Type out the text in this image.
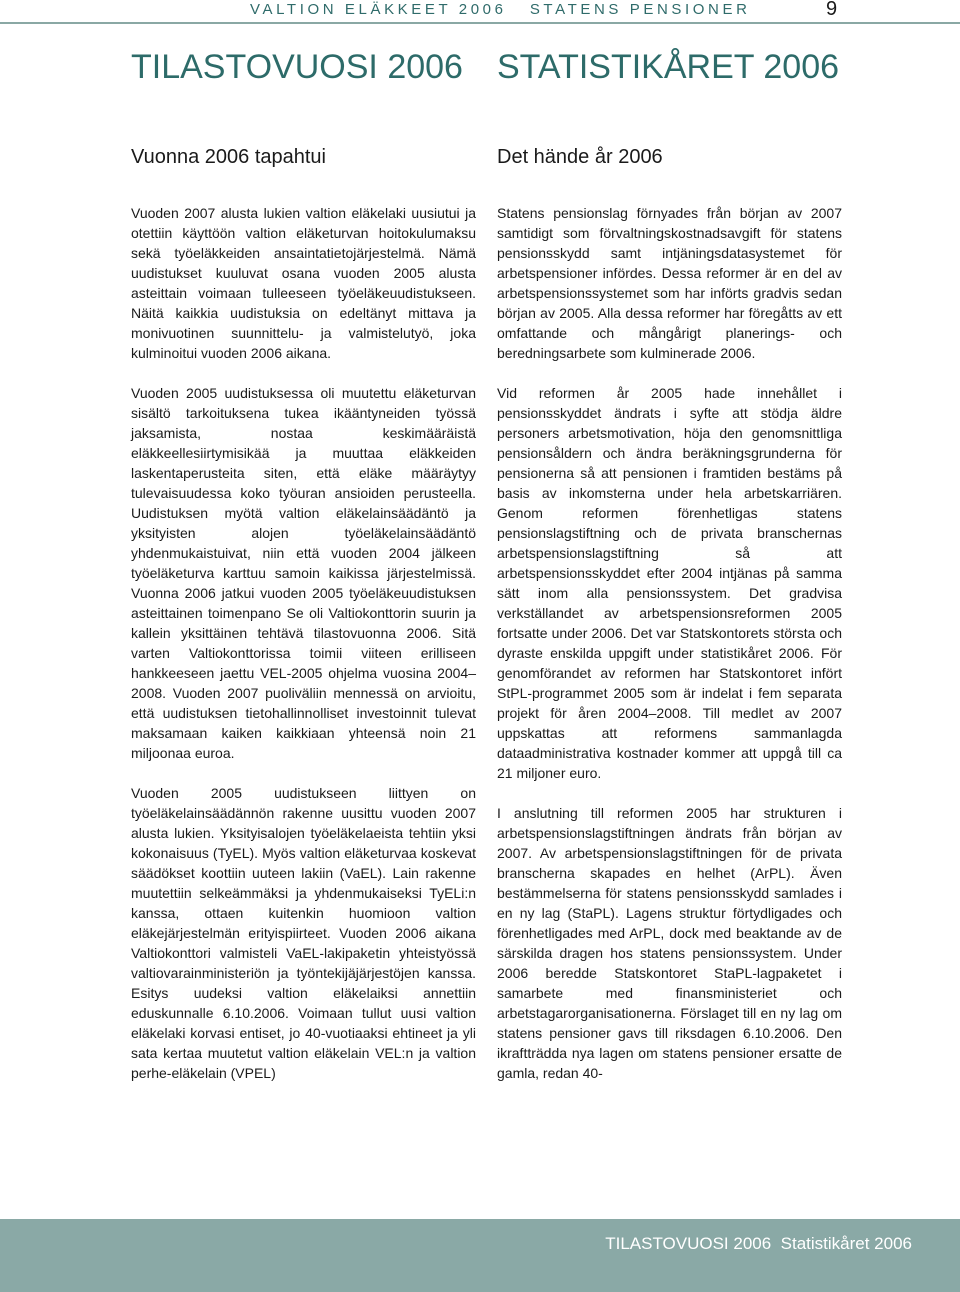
VALTION ELÄKKEET 2006   STATENS PENSIONER	9
TILASTOVUOSI 2006 STATISTIKÅRET 2006
Vuonna 2006 tapahtui

Vuoden 2007 alusta lukien valtion eläkelaki uusiutui ja otettiin käyttöön valtion eläketurvan hoitokulumaksu sekä työeläkkeiden ansaintatietojärjestelmä. Nämä uudistukset kuuluvat osana vuoden 2005 alusta asteittain voimaan tulleeseen työeläkeuudistukseen. Näitä kaikkia uudistuksia on edeltänyt mittava ja monivuotinen suunnittelu- ja valmistelutyö, joka kulminoitui vuoden 2006 aikana.

Vuoden 2005 uudistuksessa oli muutettu eläketurvan sisältö tarkoituksena tukea ikääntyneiden työssä jaksamista, nostaa keskimääräistä eläkkeellesiirtymisikää ja muuttaa eläkkeiden laskentaperusteita siten, että eläke määräytyy tulevaisuudessa koko työuran ansioiden perusteella. Uudistuksen myötä valtion eläkelainsäädäntö ja yksityisten alojen työeläkelainsäädäntö yhdenmukaistuivat, niin että vuoden 2004 jälkeen työeläketurva karttuu samoin kaikissa järjestelmissä. Vuonna 2006 jatkui vuoden 2005 työeläkeuudistuksen asteittainen toimenpano Se oli Valtiokonttorin suurin ja kallein yksittäinen tehtävä tilastovuonna 2006. Sitä varten Valtiokonttorissa toimii viiteen erilliseen hankkeeseen jaettu VEL-2005 ohjelma vuosina 2004–2008. Vuoden 2007 puoliväliin mennessä on arvioitu, että uudistuksen tietohallinnolliset investoinnit tulevat maksamaan kaiken kaikkiaan yhteensä noin 21 miljoonaa euroa.

Vuoden 2005 uudistukseen liittyen on työeläkelainsäädännön rakenne uusittu vuoden 2007 alusta lukien. Yksityisalojen työeläkelaeista tehtiin yksi kokonaisuus (TyEL). Myös valtion eläketurvaa koskevat säädökset koottiin uuteen lakiin (VaEL). Lain rakenne muutettiin selkeämmäksi ja yhdenmukaiseksi TyELi:n kanssa, ottaen kuitenkin huomioon valtion eläkejärjestelmän erityispiirteet. Vuoden 2006 aikana Valtiokonttori valmisteli VaEL-lakipaketin yhteistyössä valtiovarainministeriön ja työntekijäjärjestöjen kanssa. Esitys uudeksi valtion eläkelaiksi annettiin eduskunnalle 6.10.2006. Voimaan tullut uusi valtion eläkelaki korvasi entiset, jo 40-vuotiaaksi ehtineet ja yli sata kertaa muutetut valtion eläkelain VEL:n ja valtion perhe-eläkelain (VPEL)

Det hände år 2006

Statens pensionslag förnyades från början av 2007 samtidigt som förvaltningskostnadsavgift för statens pensionsskydd samt intjäningsdatasystemet för arbetspensioner infördes. Dessa reformer är en del av arbetspensionssystemet som har införts gradvis sedan början av 2005. Alla dessa reformer har föregåtts av ett omfattande och mångårigt planerings- och beredningsarbete som kulminerade 2006.

Vid reformen år 2005 hade innehållet i pensionsskyddet ändrats i syfte att stödja äldre personers arbetsmotivation, höja den genomsnittliga pensionsåldern och ändra beräkningsgrunderna för pensionerna så att pensionen i framtiden bestäms på basis av inkomsterna under hela arbetskarriären. Genom reformen förenhetligas statens pensionslagstiftning och de privata branschernas arbetspensionslagstiftning så att arbetspensionsskyddet efter 2004 intjänas på samma sätt inom alla pensionssystem. Det gradvisa verkställandet av arbetspensionsreformen 2005 fortsatte under 2006. Det var Statskontorets största och dyraste enskilda uppgift under statistikåret 2006. För genomförandet av reformen har Statskontoret infört StPL-programmet 2005 som är indelat i fem separata projekt för åren 2004–2008. Till medlet av 2007 uppskattas att reformens sammanlagda dataadministrativa kostnader kommer att uppgå till ca 21 miljoner euro.

I anslutning till reformen 2005 har strukturen i arbetspensionslagstiftningen ändrats från början av 2007. Av arbetspensionslagstiftningen för de privata branscherna skapades en helhet (ArPL). Även bestämmelserna för statens pensionsskydd samlades i en ny lag (StaPL). Lagens struktur förtydligades och förenhetligades med ArPL, dock med beaktande av de särskilda dragen hos statens pensionssystem. Under 2006 beredde Statskontoret StaPL-lagpaketet i samarbete med finansministeriet och arbetstagarorganisationerna. Förslaget till en ny lag om statens pensioner gavs till riksdagen 6.10.2006. Den ikraftträdda nya lagen om statens pensioner ersatte de gamla, redan 40-

TILASTOVUOSI 2006  Statistikåret 2006
